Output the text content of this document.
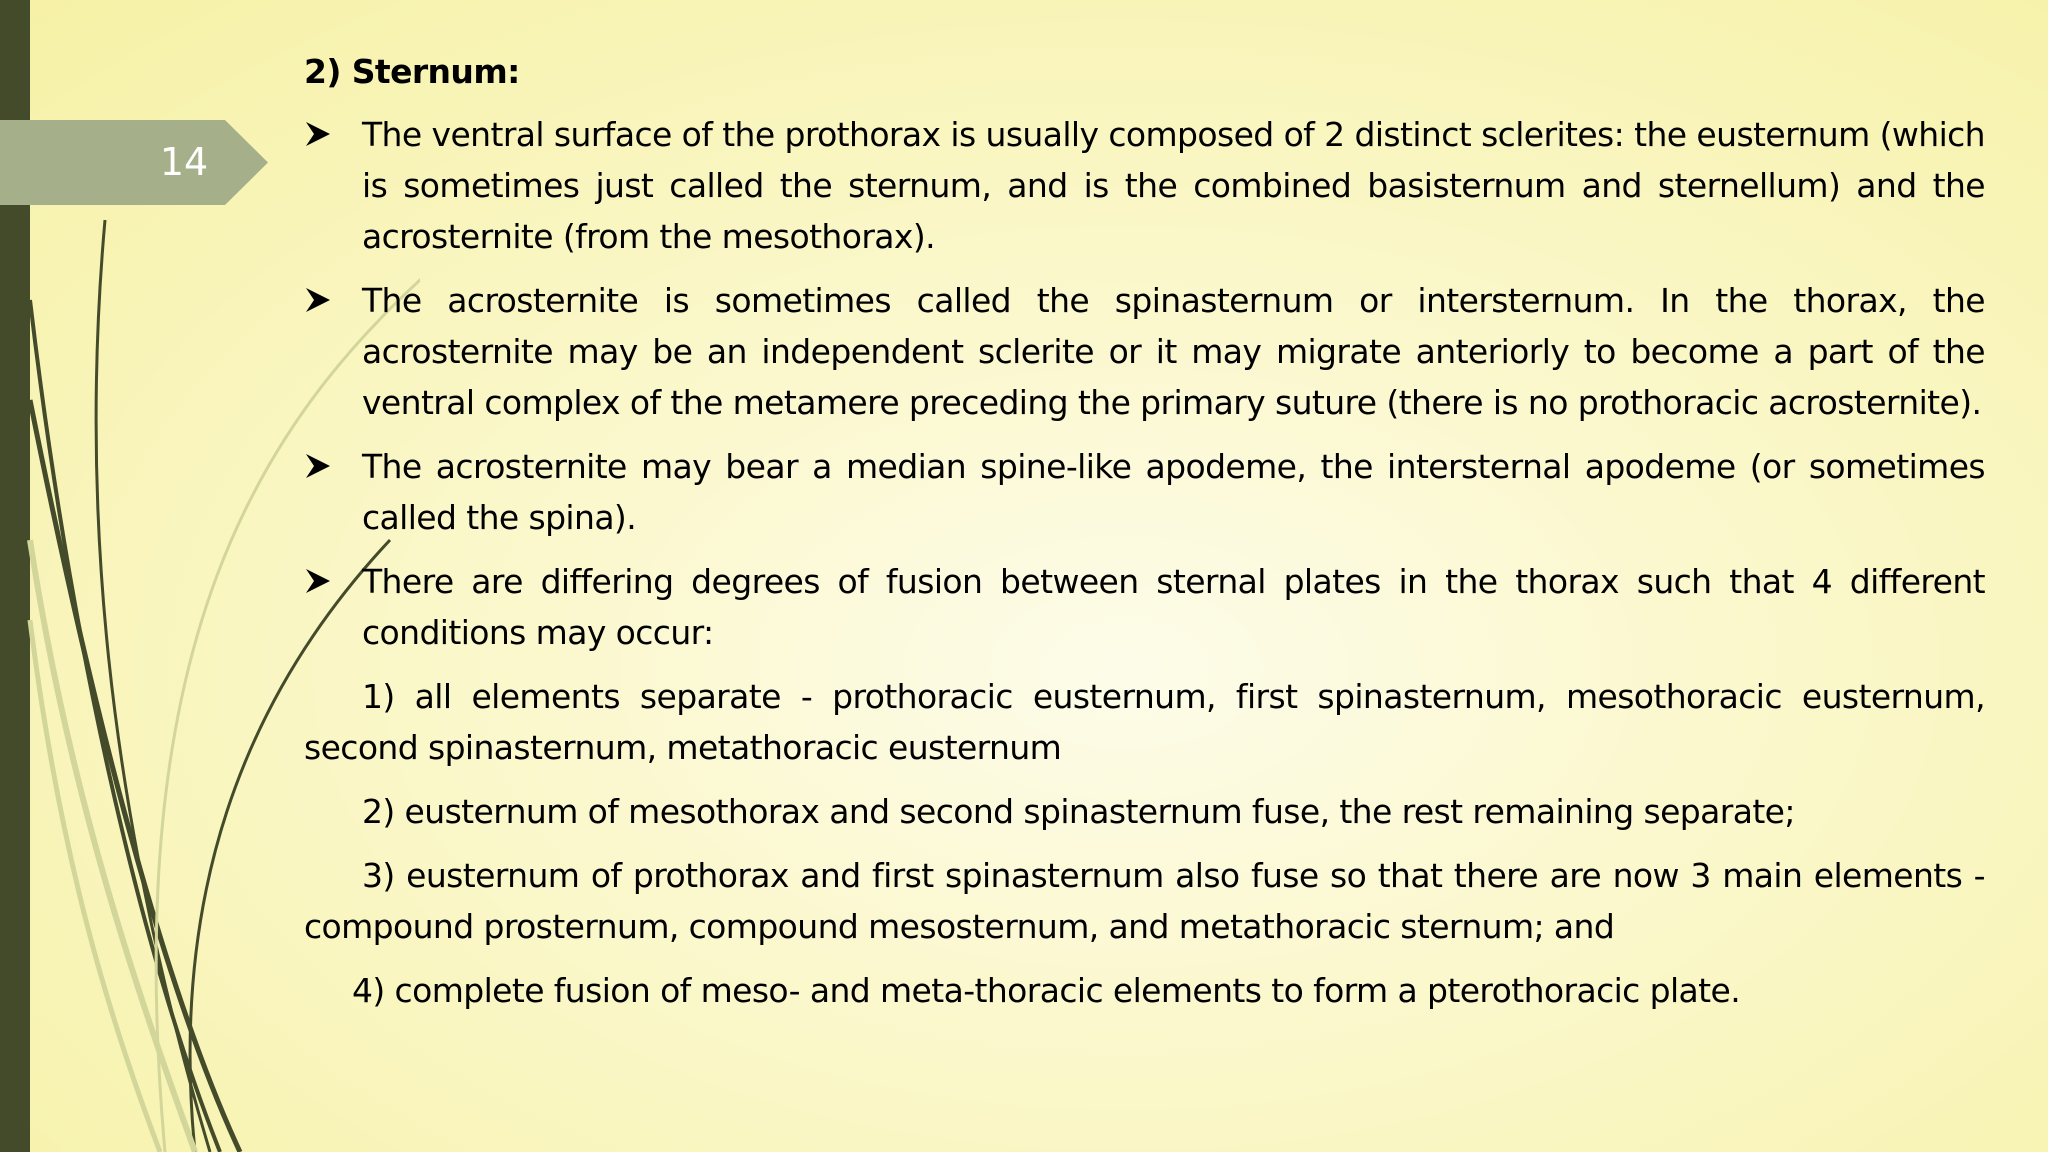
14
2) Sternum:
The ventral surface of the prothorax is usually composed of 2 distinct sclerites: the eusternum (which is sometimes just called the sternum, and is the combined basisternum and sternellum) and the acrosternite (from the mesothorax).
The acrosternite is sometimes called the spinasternum or intersternum. In the thorax, the acrosternite may be an independent sclerite or it may migrate anteriorly to become a part of the ventral complex of the metamere preceding the primary suture (there is no prothoracic acrosternite).
The acrosternite may bear a median spine-like apodeme, the intersternal apodeme (or sometimes called the spina).
There are differing degrees of fusion between sternal plates in the thorax such that 4 different conditions may occur:
1) all elements separate - prothoracic eusternum, first spinasternum, mesothoracic eusternum, second spinasternum, metathoracic eusternum
2) eusternum of mesothorax and second spinasternum fuse, the rest remaining separate;
3) eusternum of prothorax and first spinasternum also fuse so that there are now 3 main elements - compound prosternum, compound mesosternum, and metathoracic sternum; and
4) complete fusion of meso- and meta-thoracic elements to form a pterothoracic plate.
